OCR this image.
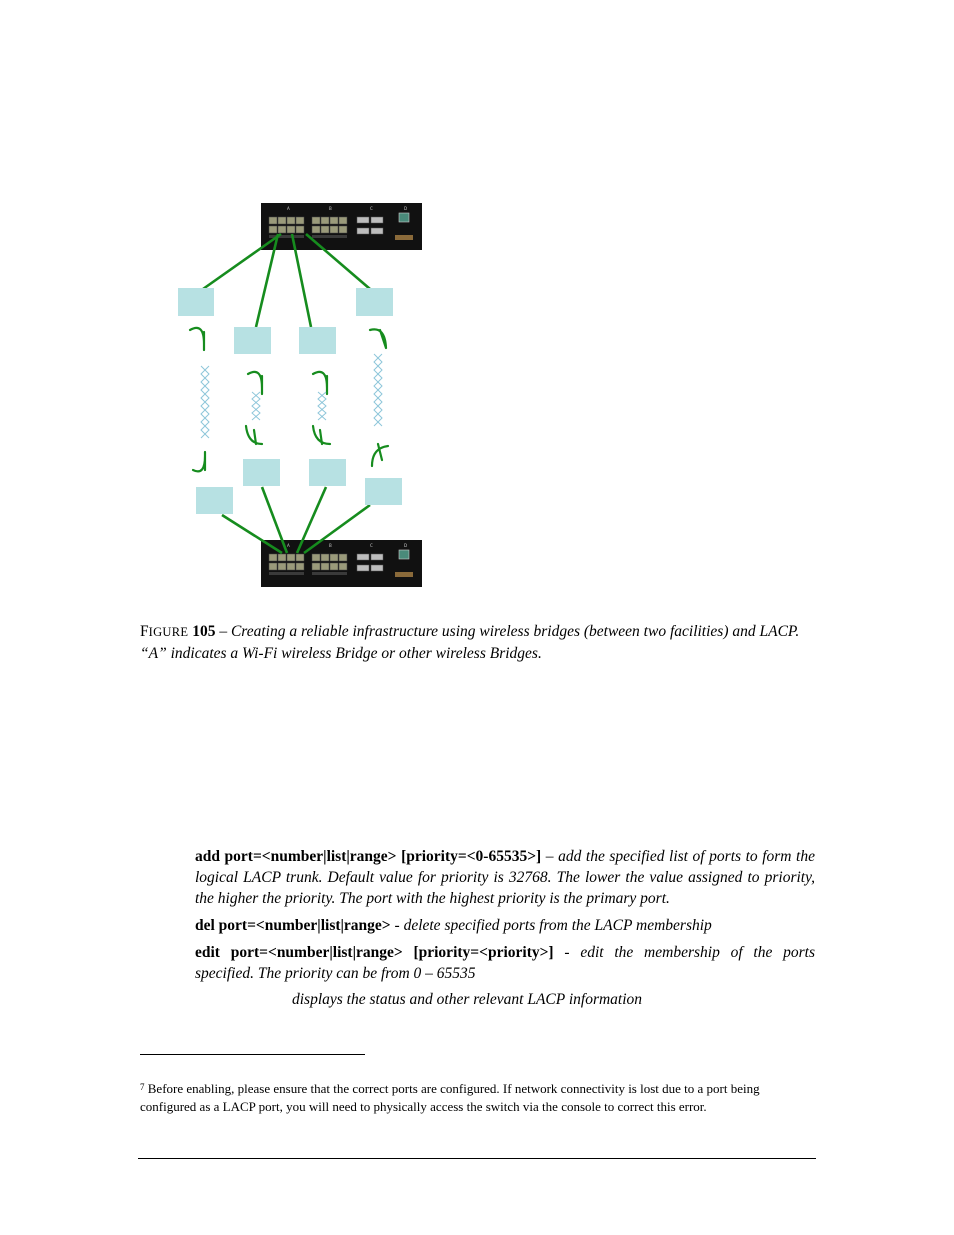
A	B	C	D
A	B	C	D
FIGURE 105 – Creating a reliable infrastructure using wireless bridges (between two facilities) and LACP. “A” indicates a Wi-Fi wireless Bridge or other wireless Bridges.
add port=<number|list|range> [priority=<0-65535>] – add the specified list of ports to form the logical LACP trunk. Default value for priority is 32768. The lower the value assigned to priority, the higher the priority. The port with the highest priority is the primary port.
del port=<number|list|range> - delete specified ports from the LACP membership
edit port=<number|list|range> [priority=<priority>] - edit the membership of the ports specified. The priority can be from 0 – 65535
displays the status and other relevant LACP information
$^7$ Before enabling, please ensure that the correct ports are configured. If network connectivity is lost due to a port being configured as a LACP port, you will need to physically access the switch via the console to correct this error.
